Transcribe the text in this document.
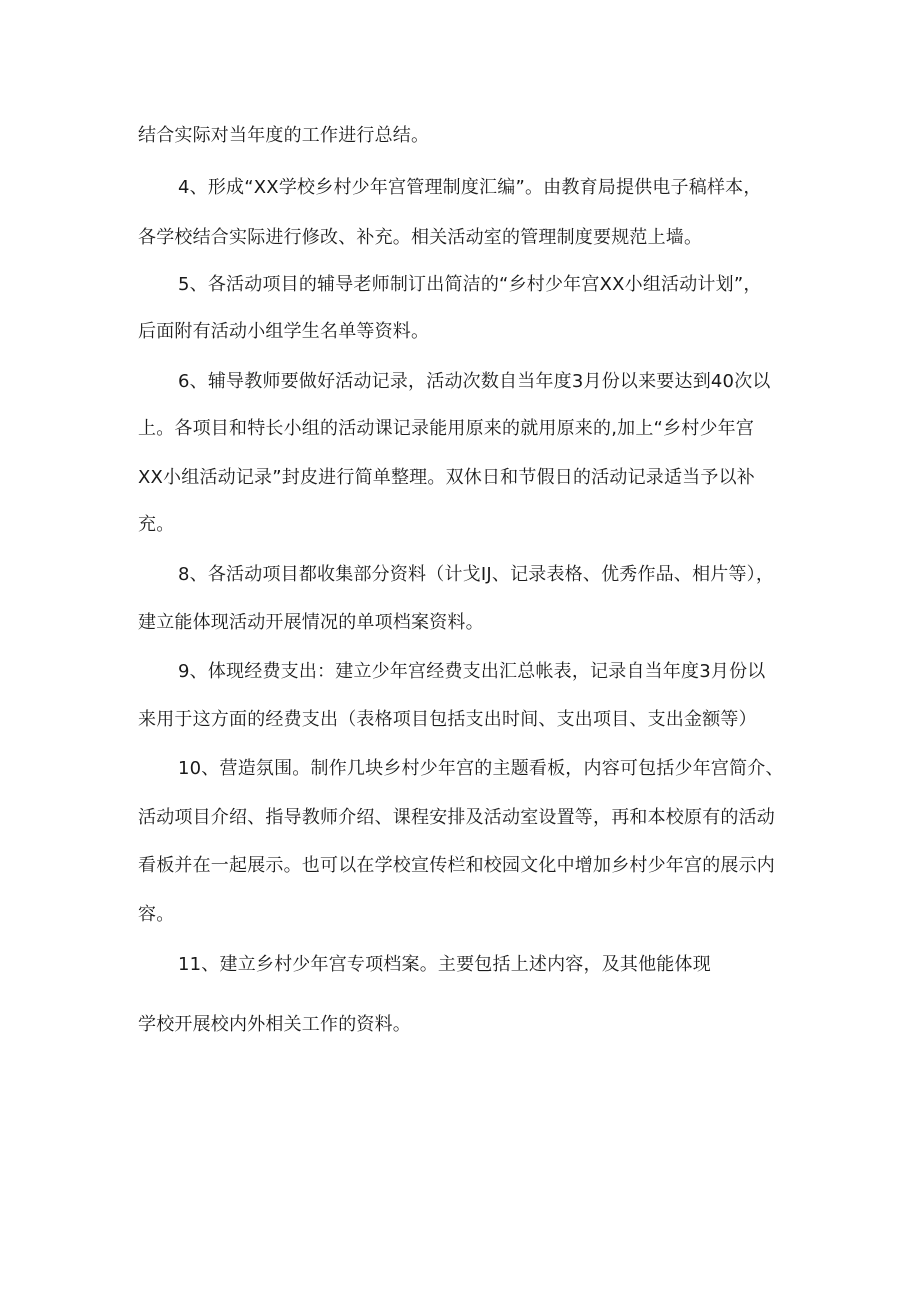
结合实际对当年度的工作进行总结。
4、形成“XX学校乡村少年宫管理制度汇编”。由教育局提供电子稿样本，
各学校结合实际进行修改、补充。相关活动室的管理制度要规范上墙。
5、各活动项目的辅导老师制订出简洁的“乡村少年宫XX小组活动计划”，
后面附有活动小组学生名单等资料。
6、辅导教师要做好活动记录，活动次数自当年度3月份以来要达到40次以
上。各项目和特长小组的活动课记录能用原来的就用原来的,加上“乡村少年宫
XX小组活动记录”封皮进行简单整理。双休日和节假日的活动记录适当予以补
充。
8、各活动项目都收集部分资料（计戈IJ、记录表格、优秀作品、相片等），
建立能体现活动开展情况的单项档案资料。
9、体现经费支出：建立少年宫经费支出汇总帐表，记录自当年度3月份以
来用于这方面的经费支出（表格项目包括支出时间、支出项目、支出金额等）
10、营造氛围。制作几块乡村少年宫的主题看板，内容可包括少年宫简介、
活动项目介绍、指导教师介绍、课程安排及活动室设置等，再和本校原有的活动
看板并在一起展示。也可以在学校宣传栏和校园文化中增加乡村少年宫的展示内
容。
11、建立乡村少年宫专项档案。主要包括上述内容，及其他能体现
学校开展校内外相关工作的资料。
